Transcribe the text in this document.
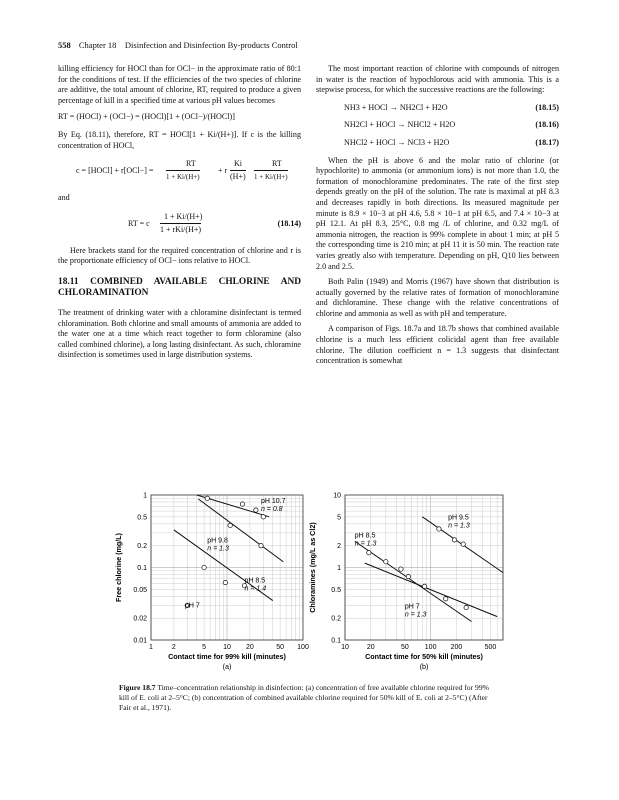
558 Chapter 18    Disinfection and Disinfection By-products Control

killing efficiency for HOCl than for OCl− in the approximate ratio of 80:1 for the conditions of test. If the efficiencies of the two species of chlorine are additive, the total amount of chlorine, RT, required to produce a given percentage of kill in a specified time at various pH values becomes

RT = (HOCl) + (OCl−) = (HOCl)[1 + (OCl−)/(HOCl)]

By Eq. (18.11), therefore, RT = HOCl[1 + Ki/(H+)]. If c is the killing concentration of HOCl,

c = [HOCl] + r[OCl−] =
RT
1 + Ki/(H+)
+ r
Ki
(H+)
RT
1 + Ki/(H+)

and

RT = c
1 + Ki/(H+)
1 + rKi/(H+)
(18.14)

Here brackets stand for the required concentration of chlorine and r is the proportionate efficiency of OCl− ions relative to HOCl.

18.11 COMBINED AVAILABLE CHLORINE AND CHLORAMINATION

The treatment of drinking water with a chloramine disinfectant is termed chloramination. Both chlorine and small amounts of ammonia are added to the water one at a time which react together to form chloramine (also called combined chlorine), a long lasting disinfectant. As such, chloramine disinfection is sometimes used in large distribution systems.

The most important reaction of chlorine with compounds of nitrogen in water is the reaction of hypochlorous acid with ammonia. This is a stepwise process, for which the successive reactions are the following:

NH3 + HOCl → NH2Cl + H2O	(18.15)
NH2Cl + HOCl → NHCl2 + H2O	(18.16)
NHCl2 + HOCl → NCl3 + H2O	(18.17)

When the pH is above 6 and the molar ratio of chlorine (or hypochlorite) to ammonia (or ammonium ions) is not more than 1.0, the formation of monochloramine predominates. The rate of the first step depends greatly on the pH of the solution. The rate is maximal at pH 8.3 and decreases rapidly in both directions. Its measured magnitude per minute is 8.9 × 10−3 at pH 4.6, 5.8 × 10−1 at pH 6.5, and 7.4 × 10−3 at pH 12.1. At pH 8.3, 25°C, 0.8 mg /L of chlorine, and 0.32 mg/L of ammonia nitrogen, the reaction is 99% complete in about 1 min; at pH 5 the corresponding time is 210 min; at pH 11 it is 50 min. The reaction rate varies greatly also with temperature. Depending on pH, Q10 lies between 2.0 and 2.5.

Both Palin (1949) and Morris (1967) have shown that distribution is actually governed by the relative rates of formation of monochloramine and dichloramine. These change with the relative concentrations of chlorine and ammonia as well as with pH and temperature.

A comparison of Figs. 18.7a and 18.7b shows that combined available chlorine is a much less efficient colicidal agent than free available chlorine. The dilution coefficient n = 1.3 suggests that disinfectant concentration is somewhat

1	2	5 10 20	50 100
0.01
0.02
0.05
0.1
0.2
0.5
1
Contact time for 99% kill (minutes)
Free chlorine (mg/L)
(a)
pH 10.7
n = 0.8
pH 9.8
n = 1.3
pH 8.5
n = 1.4
pH 7
10	20	50 100 200	500
0.1
0.2
0.5
1
2
5
10
Contact time for 50% kill (minutes)
Chloramines (mg/L as Cl2)
(b)
pH 9.5
n = 1.3
pH 8.5
n = 1.3
pH 7
n = 1.3
Figure 18.7 Time–concentration relationship in disinfection: (a) concentration of free available chlorine required for 99% kill of E. coli at 2–5°C; (b) concentration of combined available chlorine required for 50% kill of E. coli at 2–5°C) (After Fair et al., 1971).
